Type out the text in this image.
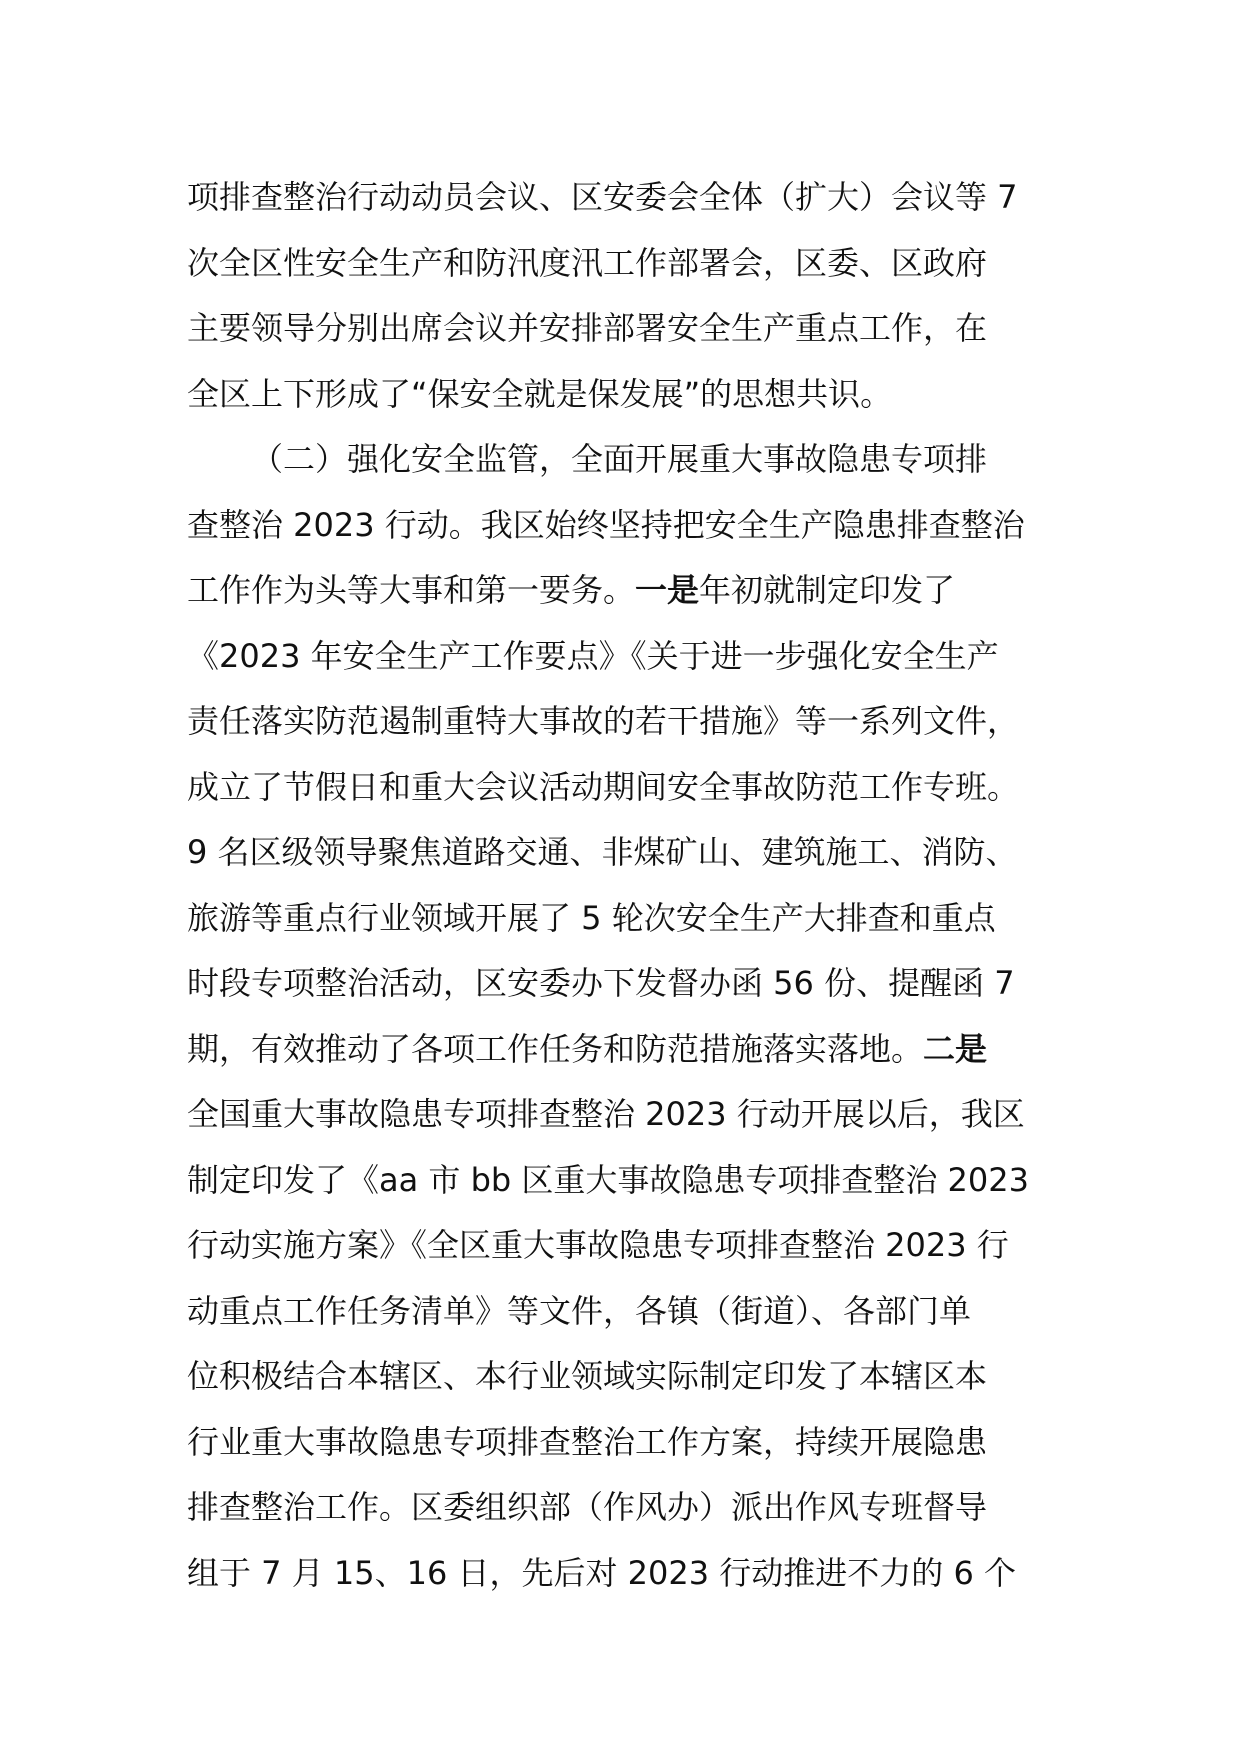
项排查整治行动动员会议、区安委会全体（扩大）会议等 7
次全区性安全生产和防汛度汛工作部署会，区委、区政府
主要领导分别出席会议并安排部署安全生产重点工作，在
全区上下形成了“保安全就是保发展”的思想共识。
（二）强化安全监管，全面开展重大事故隐患专项排
查整治 2023 行动。我区始终坚持把安全生产隐患排查整治
工作作为头等大事和第一要务。一是年初就制定印发了
《2023 年安全生产工作要点》《关于进一步强化安全生产
责任落实防范遏制重特大事故的若干措施》等一系列文件，
成立了节假日和重大会议活动期间安全事故防范工作专班。
9 名区级领导聚焦道路交通、非煤矿山、建筑施工、消防、
旅游等重点行业领域开展了 5 轮次安全生产大排查和重点
时段专项整治活动，区安委办下发督办函 56 份、提醒函 7
期，有效推动了各项工作任务和防范措施落实落地。二是
全国重大事故隐患专项排查整治 2023 行动开展以后，我区
制定印发了《aa 市 bb 区重大事故隐患专项排查整治 2023
行动实施方案》《全区重大事故隐患专项排查整治 2023 行
动重点工作任务清单》等文件，各镇（街道）、各部门单
位积极结合本辖区、本行业领域实际制定印发了本辖区本
行业重大事故隐患专项排查整治工作方案，持续开展隐患
排查整治工作。区委组织部（作风办）派出作风专班督导
组于 7 月 15、16 日，先后对 2023 行动推进不力的 6 个
